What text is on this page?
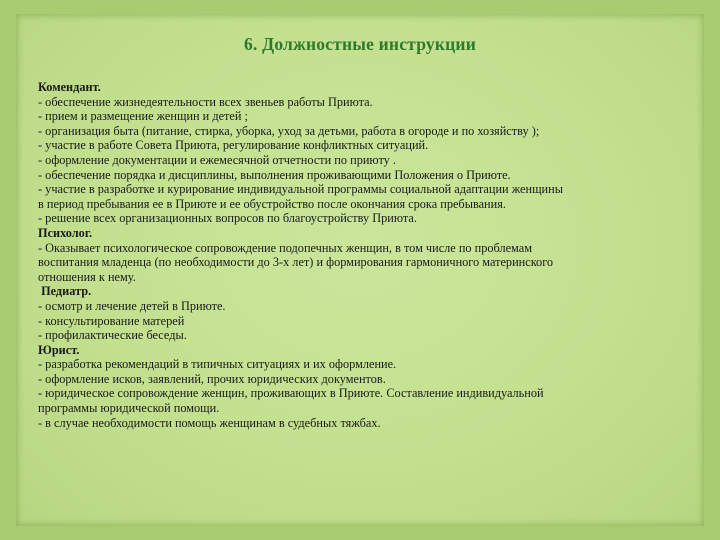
6. Должностные инструкции
Комендант.
- обеспечение жизнедеятельности всех звеньев работы Приюта.
- прием и размещение женщин и детей ;
- организация быта (питание, стирка, уборка, уход за детьми, работа в огороде и по хозяйству );
- участие в работе Совета Приюта, регулирование конфликтных ситуаций.
- оформление документации и ежемесячной отчетности по приюту .
- обеспечение порядка и дисциплины, выполнения проживающими Положения о Приюте.
- участие в разработке и курирование индивидуальной программы социальной адаптации женщины
в период пребывания ее в Приюте и ее обустройство после окончания срока пребывания.
- решение всех организационных вопросов по благоустройству Приюта.
Психолог.
- Оказывает психологическое сопровождение подопечных женщин, в том числе по проблемам
воспитания младенца (по необходимости до 3-х лет) и формирования гармоничного материнского
отношения к нему.
Педиатр.
- осмотр и лечение детей в Приюте.
- консультирование матерей
- профилактические беседы.
Юрист.
- разработка рекомендаций в типичных ситуациях и их оформление.
- оформление исков, заявлений, прочих юридических документов.
- юридическое сопровождение женщин, проживающих в Приюте. Составление индивидуальной
программы юридической помощи.
- в случае необходимости помощь женщинам в судебных тяжбах.
